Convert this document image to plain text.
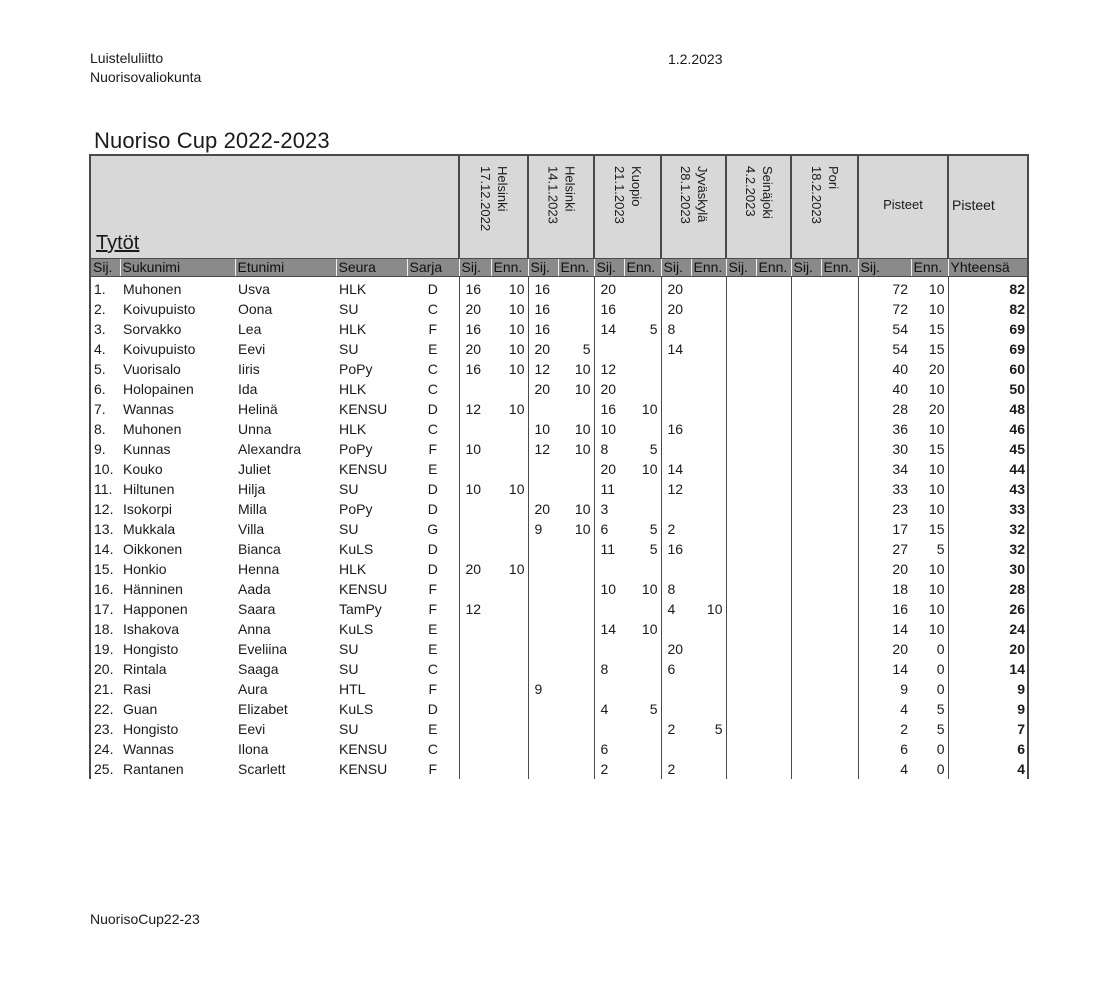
Luisteluliitto
Nuorisovaliokunta
1.2.2023
Nuoriso Cup 2022-2023
Tytöt					17.12.2022 Helsinki		14.1.2023 Helsinki		21.1.2023 Kuopio		28.1.2023 Jyväskylä		4.2.2023 Seinäjoki		18.2.2023 Pori		Pisteet		Pisteet
Sij.	Sukunimi	Etunimi	Seura	Sarja	Sij.	Enn.	Sij.	Enn.	Sij.	Enn.	Sij.	Enn.	Sij.	Enn.	Sij.	Enn.	Sij.	Enn.	Yhteensä
1.	Muhonen	Usva	HLK	D	16	10	16		20		20						72	10	82
2.	Koivupuisto	Oona	SU	C	20	10	16		16		20						72	10	82
3.	Sorvakko	Lea	HLK	F	16	10	16		14	5	8						54	15	69
4.	Koivupuisto	Eevi	SU	E	20	10	20	5			14						54	15	69
5.	Vuorisalo	Iiris	PoPy	C	16	10	12	10	12								40	20	60
6.	Holopainen	Ida	HLK	C			20	10	20								40	10	50
7.	Wannas	Helinä	KENSU	D	12	10			16	10							28	20	48
8.	Muhonen	Unna	HLK	C			10	10	10		16						36	10	46
9.	Kunnas	Alexandra	PoPy	F	10		12	10	8	5							30	15	45
10.	Kouko	Juliet	KENSU	E					20	10	14						34	10	44
11.	Hiltunen	Hilja	SU	D	10	10			11		12						33	10	43
12.	Isokorpi	Milla	PoPy	D			20	10	3								23	10	33
13.	Mukkala	Villa	SU	G			9	10	6	5	2						17	15	32
14.	Oikkonen	Bianca	KuLS	D					11	5	16						27	5	32
15.	Honkio	Henna	HLK	D	20	10											20	10	30
16.	Hänninen	Aada	KENSU	F					10	10	8						18	10	28
17.	Happonen	Saara	TamPy	F	12						4	10					16	10	26
18.	Ishakova	Anna	KuLS	E					14	10							14	10	24
19.	Hongisto	Eveliina	SU	E							20						20	0	20
20.	Rintala	Saaga	SU	C					8		6						14	0	14
21.	Rasi	Aura	HTL	F			9										9	0	9
22.	Guan	Elizabet	KuLS	D					4	5							4	5	9
23.	Hongisto	Eevi	SU	E							2	5					2	5	7
24.	Wannas	Ilona	KENSU	C					6								6	0	6
25.	Rantanen	Scarlett	KENSU	F					2		2						4	0	4
NuorisoCup22-23
